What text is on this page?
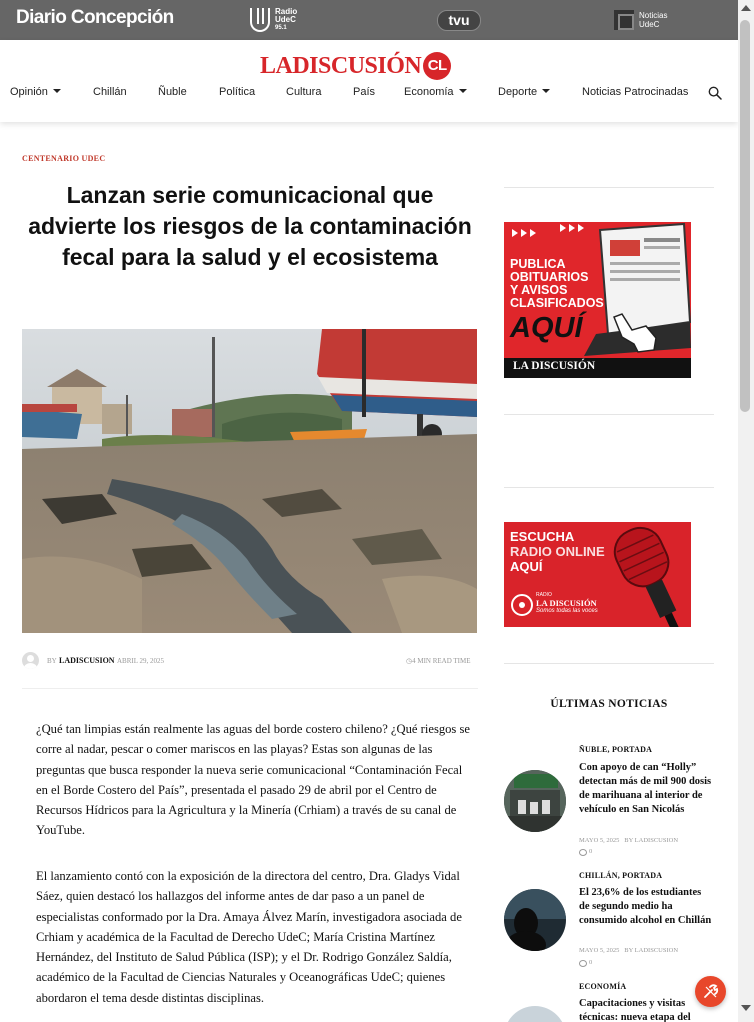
Diario Concepción	Radio
UdeC
95.1	tvu	Noticias
UdeC
LA DISCUSIÓN CL
Opinión	Chillán	Ñuble	Política	Cultura	País	Economía	Deporte	Noticias Patrocinadas
CENTENARIO UDEC
Lanzan serie comunicacional que advierte los riesgos de la contaminación fecal para la salud y el ecosistema
BY LADISCUSION ABRIL 29, 2025	◷4 MIN READ TIME

¿Qué tan limpias están realmente las aguas del borde costero chileno? ¿Qué riesgos se corre al nadar, pescar o comer mariscos en las playas? Estas son algunas de las preguntas que busca responder la nueva serie comunicacional “Contaminación Fecal en el Borde Costero del País”, presentada el pasado 29 de abril por el Centro de Recursos Hídricos para la Agricultura y la Minería (Crhiam) a través de su canal de YouTube.

El lanzamiento contó con la exposición de la directora del centro, Dra. Gladys Vidal Sáez, quien destacó los hallazgos del informe antes de dar paso a un panel de especialistas conformado por la Dra. Amaya Álvez Marín, investigadora asociada de Crhiam y académica de la Facultad de Derecho UdeC; María Cristina Martínez Hernández, del Instituto de Salud Pública (ISP); y el Dr. Rodrigo González Saldía, académico de la Facultad de Ciencias Naturales y Oceanográficas UdeC; quienes abordaron el tema desde distintas disciplinas.

PUBLICA
OBITUARIOS
Y AVISOS
CLASIFICADOS
AQUÍ
LA DISCUSIÓN
ESCUCHA
RADIO ONLINE
AQUÍ
RADIO
LA DISCUSIÓN
Somos todas las voces
ÚLTIMAS NOTICIAS
ÑUBLE, PORTADA
Con apoyo de can “Holly” detectan más de mil 900 dosis de marihuana al interior de vehículo en San Nicolás
MAYO 5, 2025 BY LADISCUSION
0
CHILLÁN, PORTADA
El 23,6% de los estudiantes de segundo medio ha consumido alcohol en Chillán
MAYO 5, 2025 BY LADISCUSION
0
ECONOMÍA
Capacitaciones y visitas técnicas: nueva etapa del
